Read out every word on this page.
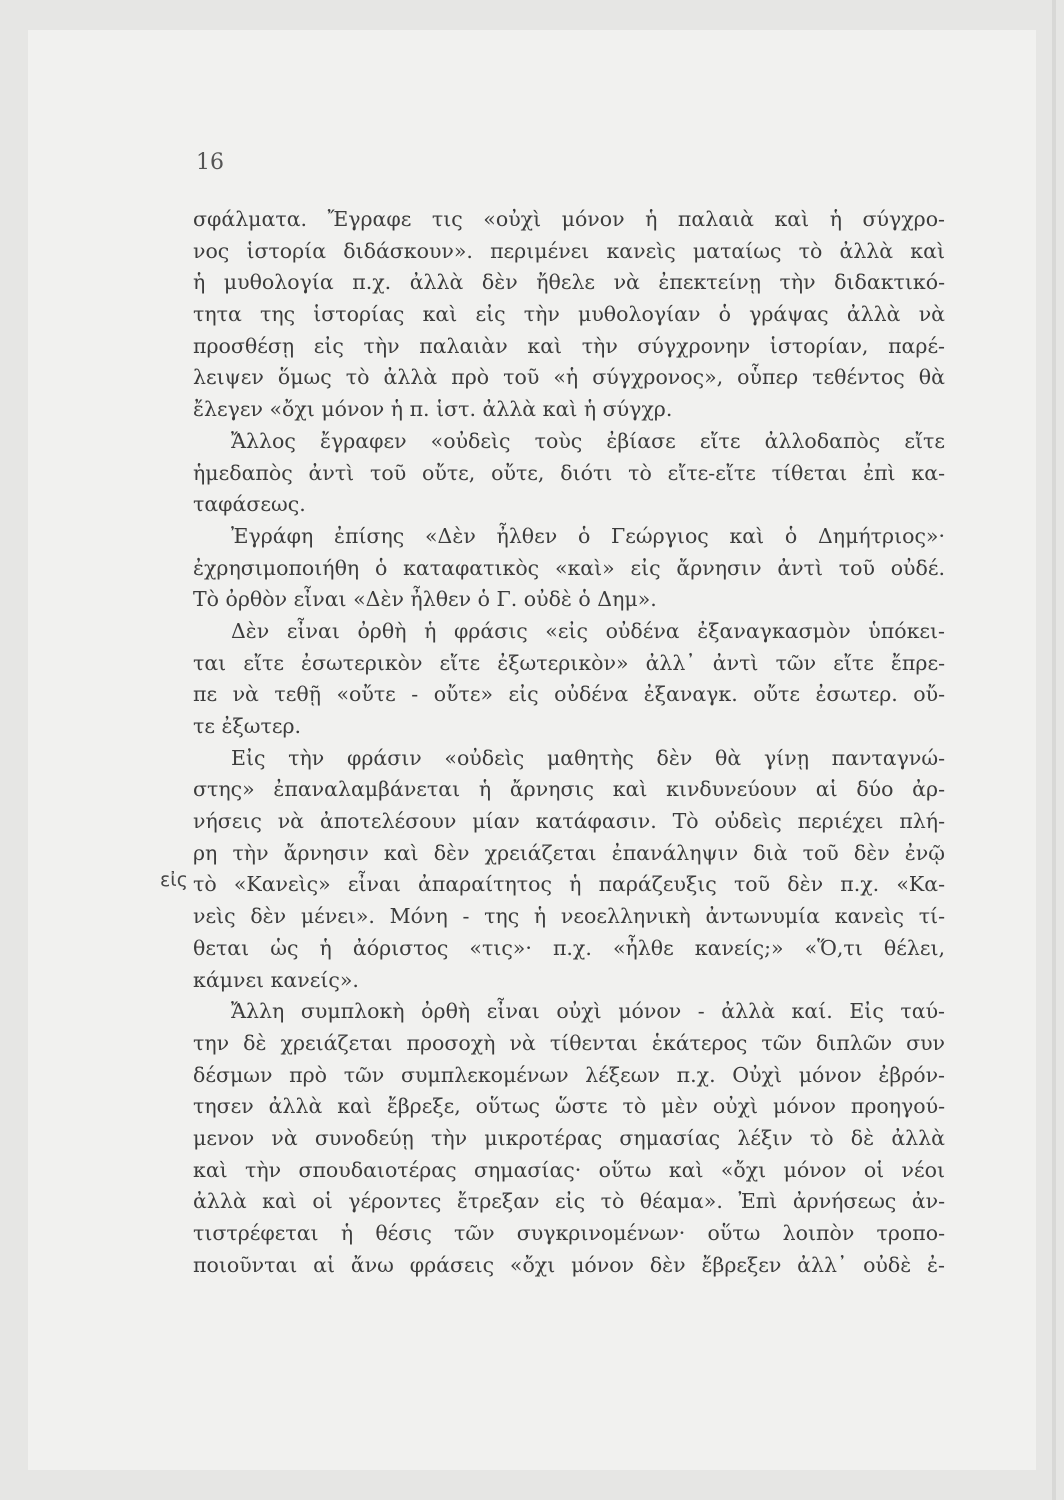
16
εἰς
σφάλματα. Ἔγραφε τις «οὐχὶ μόνον ἡ παλαιὰ καὶ ἡ σύγχρο-
νος ἱστορία διδάσκουν». περιμένει κανεὶς ματαίως τὸ ἀλλὰ καὶ
ἡ μυθολογία π.χ. ἀλλὰ δὲν ἤθελε νὰ ἐπεκτείνῃ τὴν διδακτικό-
τητα της ἱστορίας καὶ εἰς τὴν μυθολογίαν ὁ γράψας ἀλλὰ νὰ
προσθέσῃ εἰς τὴν παλαιὰν καὶ τὴν σύγχρονην ἱστορίαν, παρέ-
λειψεν ὅμως τὸ ἀλλὰ πρὸ τοῦ «ἡ σύγχρονος», οὗπερ τεθέντος θὰ
ἔλεγεν «ὄχι μόνον ἡ π. ἱστ. ἀλλὰ καὶ ἡ σύγχρ.
Ἄλλος ἔγραφεν «οὐδεὶς τοὺς ἐβίασε εἴτε ἀλλοδαπὸς εἴτε
ἡμεδαπὸς ἀντὶ τοῦ οὔτε, οὔτε, διότι τὸ εἴτε-εἴτε τίθεται ἐπὶ κα-
ταφάσεως.
Ἐγράφη ἐπίσης «Δὲν ἦλθεν ὁ Γεώργιος καὶ ὁ Δημήτριος»·
ἐχρησιμοποιήθη ὁ καταφατικὸς «καὶ» εἰς ἄρνησιν ἀντὶ τοῦ οὐδέ.
Τὸ ὀρθὸν εἶναι «Δὲν ἦλθεν ὁ Γ. οὐδὲ ὁ Δημ».
Δὲν εἶναι ὀρθὴ ἡ φράσις «εἰς οὐδένα ἐξαναγκασμὸν ὑπόκει-
ται εἴτε ἐσωτερικὸν εἴτε ἐξωτερικὸν» ἀλλ᾽ ἀντὶ τῶν εἴτε ἔπρε-
πε νὰ τεθῇ «οὔτε - οὔτε» εἰς οὐδένα ἐξαναγκ. οὔτε ἐσωτερ. οὔ-
τε ἐξωτερ.
Εἰς τὴν φράσιν «οὐδεὶς μαθητὴς δὲν θὰ γίνῃ πανταγνώ-
στης» ἐπαναλαμβάνεται ἡ ἄρνησις καὶ κινδυνεύουν αἱ δύο ἀρ-
νήσεις νὰ ἀποτελέσουν μίαν κατάφασιν. Τὸ οὐδεὶς περιέχει πλή-
ρη τὴν ἄρνησιν καὶ δὲν χρειάζεται ἐπανάληψιν διὰ τοῦ δὲν ἐνῷ
τὸ «Κανεὶς» εἶναι ἀπαραίτητος ἡ παράζευξις τοῦ δὲν π.χ. «Κα-
νεὶς δὲν μένει». Μόνη - της ἡ νεοελληνικὴ ἀντωνυμία κανεὶς τί-
θεται ὡς ἡ ἀόριστος «τις»· π.χ. «ἦλθε κανείς;» «Ὅ,τι θέλει,
κάμνει κανείς».
Ἄλλη συμπλοκὴ ὀρθὴ εἶναι οὐχὶ μόνον - ἀλλὰ καί. Εἰς ταύ-
την δὲ χρειάζεται προσοχὴ νὰ τίθενται ἑκάτερος τῶν διπλῶν συν
δέσμων πρὸ τῶν συμπλεκομένων λέξεων π.χ. Οὐχὶ μόνον ἐβρόν-
τησεν ἀλλὰ καὶ ἔβρεξε, οὕτως ὥστε τὸ μὲν οὐχὶ μόνον προηγού-
μενον νὰ συνοδεύῃ τὴν μικροτέρας σημασίας λέξιν τὸ δὲ ἀλλὰ
καὶ τὴν σπουδαιοτέρας σημασίας· οὕτω καὶ «ὄχι μόνον οἱ νέοι
ἀλλὰ καὶ οἱ γέροντες ἔτρεξαν εἰς τὸ θέαμα». Ἐπὶ ἀρνήσεως ἀν-
τιστρέφεται ἡ θέσις τῶν συγκρινομένων· οὕτω λοιπὸν τροπο-
ποιοῦνται αἱ ἄνω φράσεις «ὄχι μόνον δὲν ἔβρεξεν ἀλλ᾽ οὐδὲ ἐ-
